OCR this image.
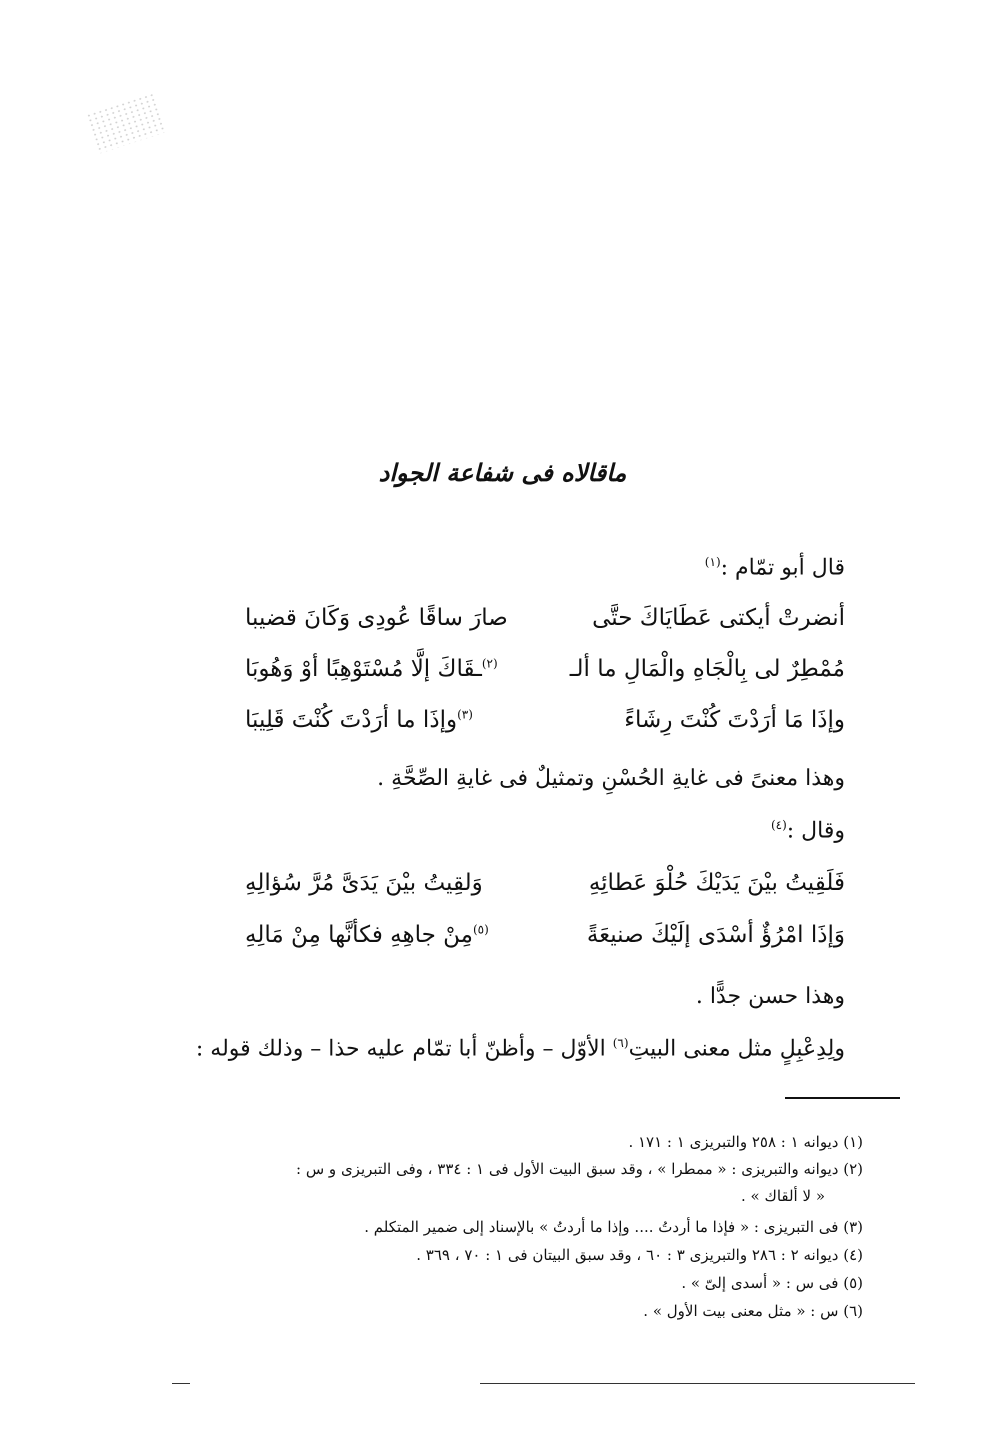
ماقالاه فى شفاعة الجواد
قال أبو تمّام :$^{(١)}$
أنضرتْ أيكتى عَطَايَاكَ حتَّى
صارَ ساقًا عُودِى وَكَانَ قضيبا
مُمْطِرٌ لى بِالْجَاهِ والْمَالِ ما ألـ
$^{(٢)}$ـقَاكَ إلَّا مُسْتَوْهِبًا أوْ وَهُوبَا
وإذَا مَا أرَدْتَ كُنْتَ رِشَاءً
$^{(٣)}$وإذَا ما أرَدْتَ كُنْتَ قَلِيبَا
وهذا معنىً فى غايةِ الحُسْنِ وتمثيلٌ فى غايةِ الصِّحَّةِ .
وقال :$^{(٤)}$
فَلَقِيتُ بيْنَ يَدَيْكَ حُلْوَ عَطائِهِ
وَلقِيتُ بيْنَ يَدَىَّ مُرَّ سُؤالِهِ
وَإذَا امْرُؤٌ أسْدَى إلَيْكَ صنيعَةً
$^{(٥)}$مِنْ جاهِهِ فكأنَّها مِنْ مَالِهِ
وهذا حسن جدًّا .
ولِدِعْبِلٍ مثل معنى البيتِ$^{(٦)}$ الأوّل – وأظنّ أبا تمّام عليه حذا – وذلك قوله :
(١) ديوانه ١ : ٢٥٨ والتبريزى ١ : ١٧١ .
(٢) ديوانه والتبريزى : « ممطرا » ، وقد سبق البيت الأول فى ١ : ٣٣٤ ، وفى التبريزى و س :
« لا ألقاك » .
(٣) فى التبريزى : « فإذا ما أردتُ .... وإذا ما أردتُ » بالإسناد إلى ضمير المتكلم .
(٤) ديوانه ٢ : ٢٨٦ والتبريزى ٣ : ٦٠ ، وقد سبق البيتان فى ١ : ٧٠ ، ٣٦٩ .
(٥) فى س : « أسدى إلىّ » .
(٦) س : « مثل معنى بيت الأول » .
